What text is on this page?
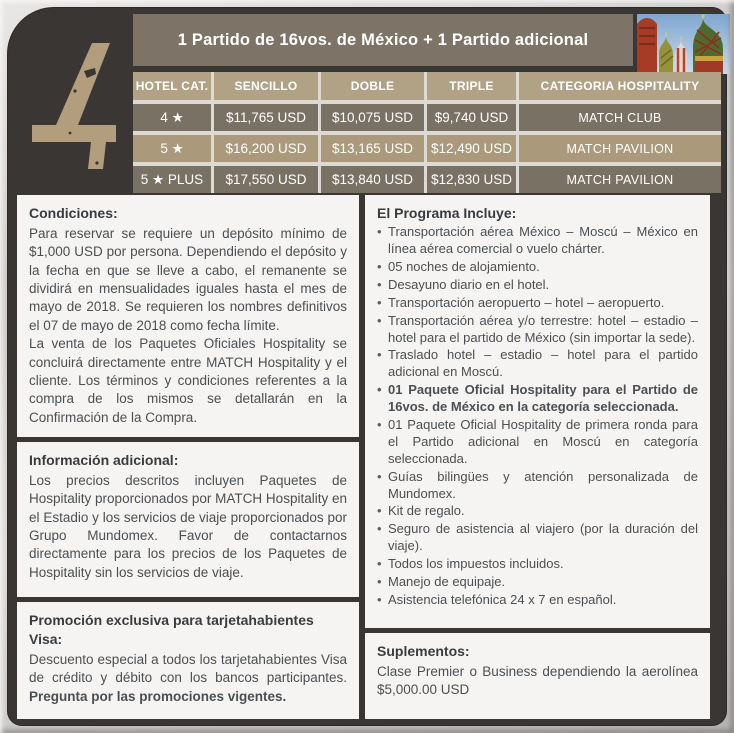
1 Partido de 16vos. de México + 1 Partido adicional
HOTEL CAT.	SENCILLO	DOBLE	TRIPLE	CATEGORIA HOSPITALITY
4 ★	$11,765 USD	$10,075 USD	$9,740 USD	MATCH CLUB
5 ★	$16,200 USD	$13,165 USD	$12,490 USD	MATCH PAVILION
5 ★ PLUS	$17,550 USD	$13,840 USD	$12,830 USD	MATCH PAVILION
Condiciones:

Para reservar se requiere un depósito mínimo de $1,000 USD por persona. Dependiendo el depósito y la fecha en que se lleve a cabo, el remanente se dividirá en mensualidades iguales hasta el mes de mayo de 2018. Se requieren los nombres definitivos el 07 de mayo de 2018 como fecha límite.

La venta de los Paquetes Oficiales Hospitality se concluirá directamente entre MATCH Hospitality y el cliente. Los términos y condiciones referentes a la compra de los mismos se detallarán en la Confirmación de la Compra.

Información adicional:

Los precios descritos incluyen Paquetes de Hospitality proporcionados por MATCH Hospitality en el Estadio y los servicios de viaje proporcionados por Grupo Mundomex. Favor de contactarnos directamente para los precios de los Paquetes de Hospitality sin los servicios de viaje.

Promoción exclusiva para tarjetahabientes Visa:

Descuento especial a todos los tarjetahabientes Visa de crédito y débito con los bancos participantes. Pregunta por las promociones vigentes.

El Programa Incluye:
• Transportación aérea México – Moscú – México en línea aérea comercial o vuelo chárter.
• 05 noches de alojamiento.
• Desayuno diario en el hotel.
• Transportación aeropuerto – hotel – aeropuerto.
• Transportación aérea y/o terrestre: hotel – estadio – hotel para el partido de México (sin importar la sede).
• Traslado hotel – estadio – hotel para el partido adicional en Moscú.
• 01 Paquete Oficial Hospitality para el Partido de 16vos. de México en la categoría seleccionada.
• 01 Paquete Oficial Hospitality de primera ronda para el Partido adicional en Moscú en categoría seleccionada.
• Guías bilingües y atención personalizada de Mundomex.
• Kit de regalo.
• Seguro de asistencia al viajero (por la duración del viaje).
• Todos los impuestos incluidos.
• Manejo de equipaje.
• Asistencia telefónica 24 x 7 en español.
Suplementos:

Clase Premier o Business dependiendo la aerolínea $5,000.00 USD
